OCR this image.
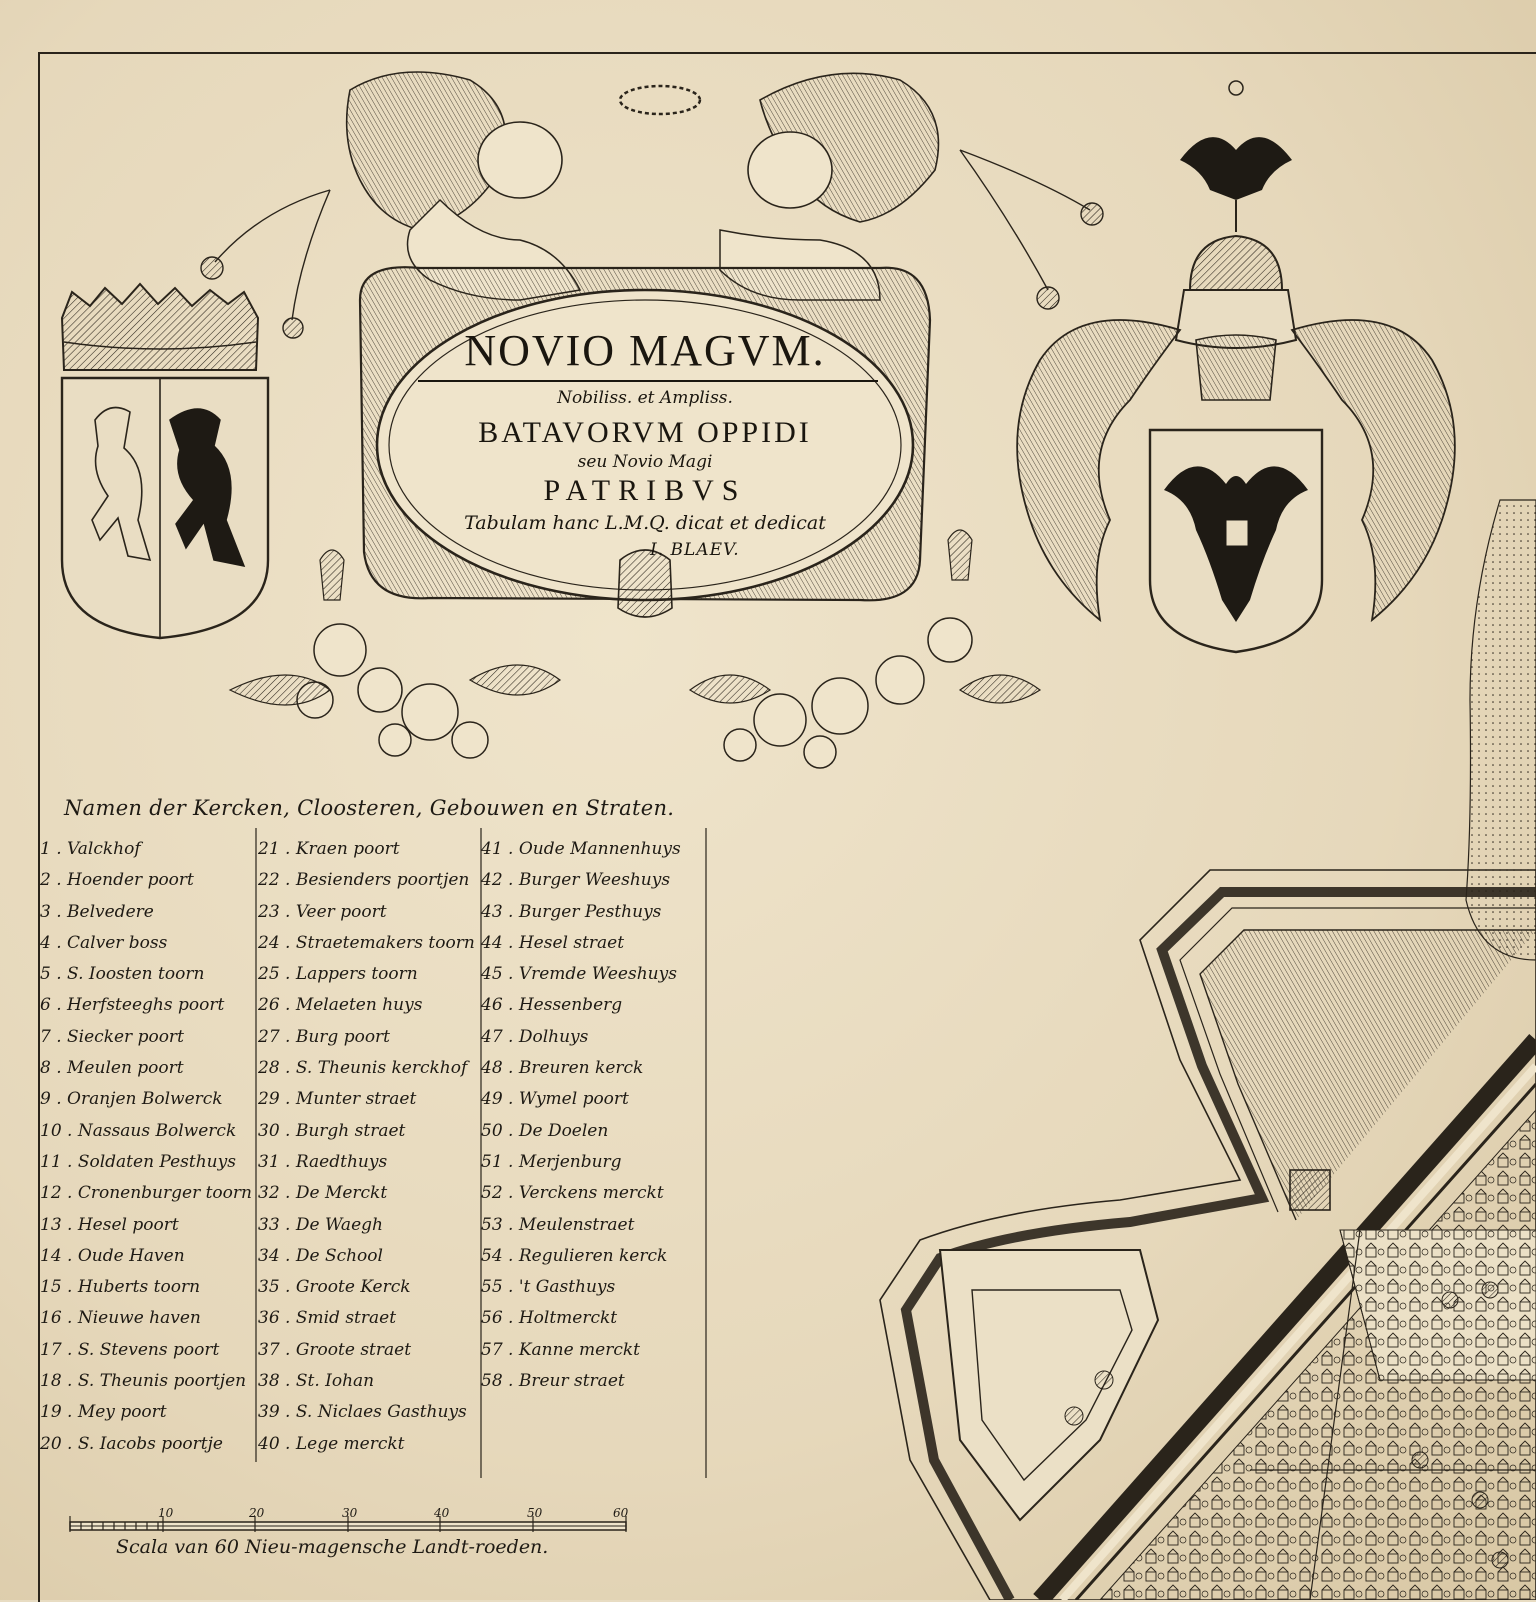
NOVIO MAGVM.
Nobiliss. et Ampliss.
BATAVORVM OPPIDI
seu Novio Magi
PATRIBVS
Tabulam hanc L.M.Q. dicat et dedicat
I. BLAEV.
Namen der Kercken, Cloosteren, Gebouwen en Straten.
1 . Valckhof
2 . Hoender poort
3 . Belvedere
4 . Calver boss
5 . S. Ioosten toorn
6 . Herfsteeghs poort
7 . Siecker poort
8 . Meulen poort
9 . Oranjen Bolwerck
10 . Nassaus Bolwerck
11 . Soldaten Pesthuys
12 . Cronenburger toorn
13 . Hesel poort
14 . Oude Haven
15 . Huberts toorn
16 . Nieuwe haven
17 . S. Stevens poort
18 . S. Theunis poortjen
19 . Mey poort
20 . S. Iacobs poortje
21 . Kraen poort
22 . Besienders poortjen
23 . Veer poort
24 . Straetemakers toorn
25 . Lappers toorn
26 . Melaeten huys
27 . Burg poort
28 . S. Theunis kerckhof
29 . Munter straet
30 . Burgh straet
31 . Raedthuys
32 . De Merckt
33 . De Waegh
34 . De School
35 . Groote Kerck
36 . Smid straet
37 . Groote straet
38 . St. Iohan
39 . S. Niclaes Gasthuys
40 . Lege merckt
41 . Oude Mannenhuys
42 . Burger Weeshuys
43 . Burger Pesthuys
44 . Hesel straet
45 . Vremde Weeshuys
46 . Hessenberg
47 . Dolhuys
48 . Breuren kerck
49 . Wymel poort
50 . De Doelen
51 . Merjenburg
52 . Verckens merckt
53 . Meulenstraet
54 . Regulieren kerck
55 . 't Gasthuys
56 . Holtmerckt
57 . Kanne merckt
58 . Breur straet
10	20	30	40	50	60
Scala van 60 Nieu-magensche Landt-roeden.
